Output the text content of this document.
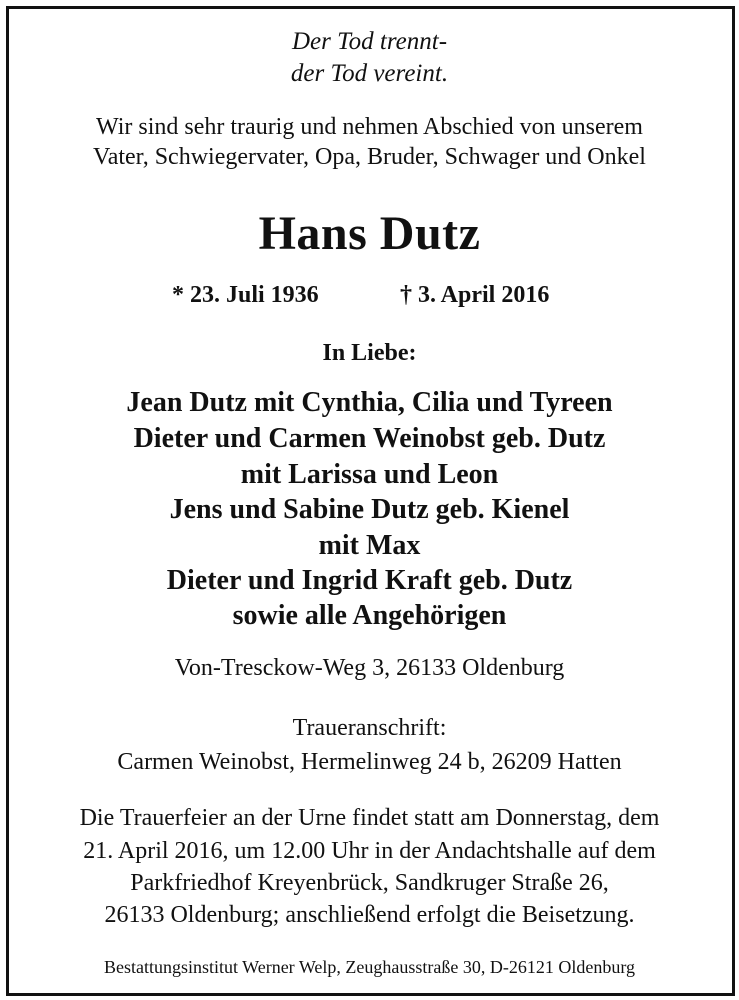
Der Tod trennt-
der Tod vereint.
Wir sind sehr traurig und nehmen Abschied von unserem
Vater, Schwiegervater, Opa, Bruder, Schwager und Onkel
Hans Dutz
* 23. Juli 1936	† 3. April 2016
In Liebe:
Jean Dutz mit Cynthia, Cilia und Tyreen
Dieter und Carmen Weinobst geb. Dutz
mit Larissa und Leon
Jens und Sabine Dutz geb. Kienel
mit Max
Dieter und Ingrid Kraft geb. Dutz
sowie alle Angehörigen
Von-Tresckow-Weg 3, 26133 Oldenburg
Traueranschrift:
Carmen Weinobst, Hermelinweg 24 b, 26209 Hatten
Die Trauerfeier an der Urne findet statt am Donnerstag, dem
21. April 2016, um 12.00 Uhr in der Andachtshalle auf dem
Parkfriedhof Kreyenbrück, Sandkruger Straße 26,
26133 Oldenburg; anschließend erfolgt die Beisetzung.
Bestattungsinstitut Werner Welp, Zeughausstraße 30, D-26121 Oldenburg
